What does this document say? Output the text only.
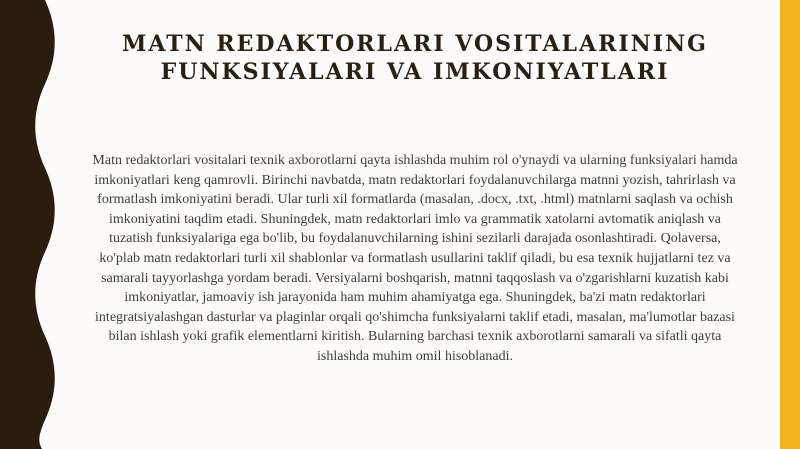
MATN REDAKTORLARI VOSITALARINING
FUNKSIYALARI VA IMKONIYATLARI

Matn redaktorlari vositalari texnik axborotlarni qayta ishlashda muhim rol o'ynaydi va ularning funksiyalari hamda imkoniyatlari keng qamrovli. Birinchi navbatda, matn redaktorlari foydalanuvchilarga matnni yozish, tahrirlash va formatlash imkoniyatini beradi. Ular turli xil formatlarda (masalan, .docx, .txt, .html) matnlarni saqlash va ochish imkoniyatini taqdim etadi. Shuningdek, matn redaktorlari imlo va grammatik xatolarni avtomatik aniqlash va tuzatish funksiyalariga ega bo'lib, bu foydalanuvchilarning ishini sezilarli darajada osonlashtiradi. Qolaversa, ko'plab matn redaktorlari turli xil shablonlar va formatlash usullarini taklif qiladi, bu esa texnik hujjatlarni tez va samarali tayyorlashga yordam beradi. Versiyalarni boshqarish, matnni taqqoslash va o'zgarishlarni kuzatish kabi imkoniyatlar, jamoaviy ish jarayonida ham muhim ahamiyatga ega. Shuningdek, ba'zi matn redaktorlari integratsiyalashgan dasturlar va plaginlar orqali qo'shimcha funksiyalarni taklif etadi, masalan, ma'lumotlar bazasi bilan ishlash yoki grafik elementlarni kiritish. Bularning barchasi texnik axborotlarni samarali va sifatli qayta ishlashda muhim omil hisoblanadi.
